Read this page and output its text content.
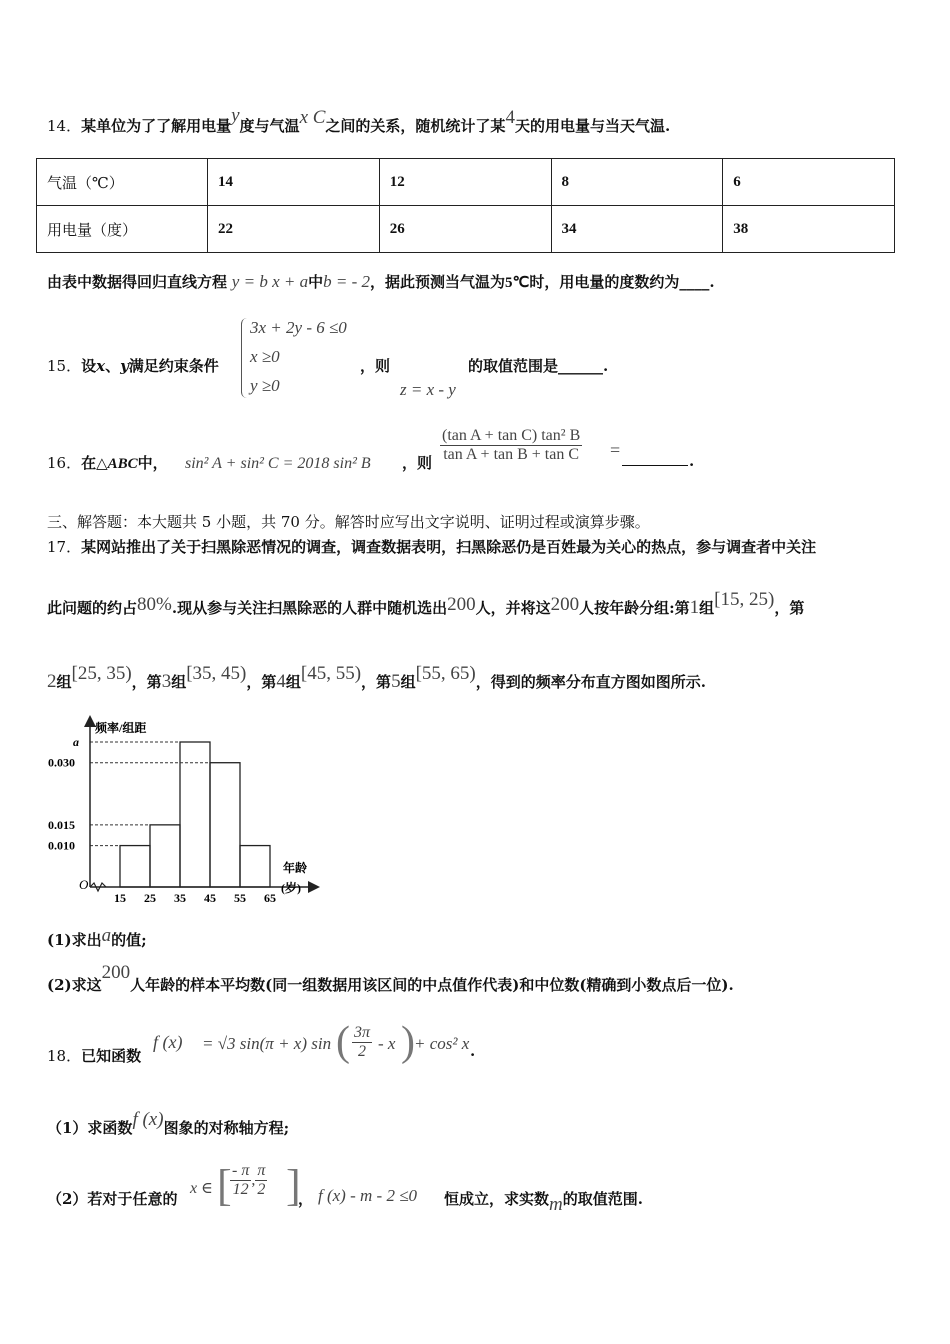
14．某单位为了了解用电量y度与气温x C之间的关系，随机统计了某4天的用电量与当天气温.
气温（℃）	14	12	8	6
用电量（度）	22	26	34	38
由表中数据得回归直线方程 y = b x + a中b = - 2，据此预测当气温为5℃时，用电量的度数约为____.
15．设x、y满足约束条件
3x + 2y - 6 ≤0
x ≥0
y ≥0
，则	的取值范围是______.
z = x - y
16．在△ABC中， sin² A + sin² C = 2018 sin² B ，则 $\frac{\text{(tan A + tan C) tan² B}}{\text{tan A + tan B + tan C}}$ =
.
三、解答题：本大题共 5 小题，共 70 分。解答时应写出文字说明、证明过程或演算步骤。
17．某网站推出了关于扫黑除恶情况的调查，调查数据表明，扫黑除恶仍是百姓最为关心的热点，参与调查者中关注
此问题的约占80%.现从参与关注扫黑除恶的人群中随机选出200人，并将这200人按年龄分组:第1组[15, 25)，第
2组[25, 35)，第3组[35, 45)，第4组[45, 55)，第5组[55, 65)，得到的频率分布直方图如图所示.
频率/组距
年龄
(岁)
O
15 25 35 45 55 65
a
0.030
0.015
0.010
(1)求出a的值;
(2)求这200人年龄的样本平均数(同一组数据用该区间的中点值作代表)和中位数(精确到小数点后一位).
18．已知函数
f (x) = √3 sin(π + x) sin ( $\frac{3\pi}{2}$ - x ) + cos² x .
（1）求函数f (x)图象的对称轴方程;
（2）若对于任意的
x ∈ [
$\frac{- \pi}{12}$ , $\frac{\pi}{2}$ ]
， f (x) - m - 2 ≤0 恒成立，求实数m的取值范围.
